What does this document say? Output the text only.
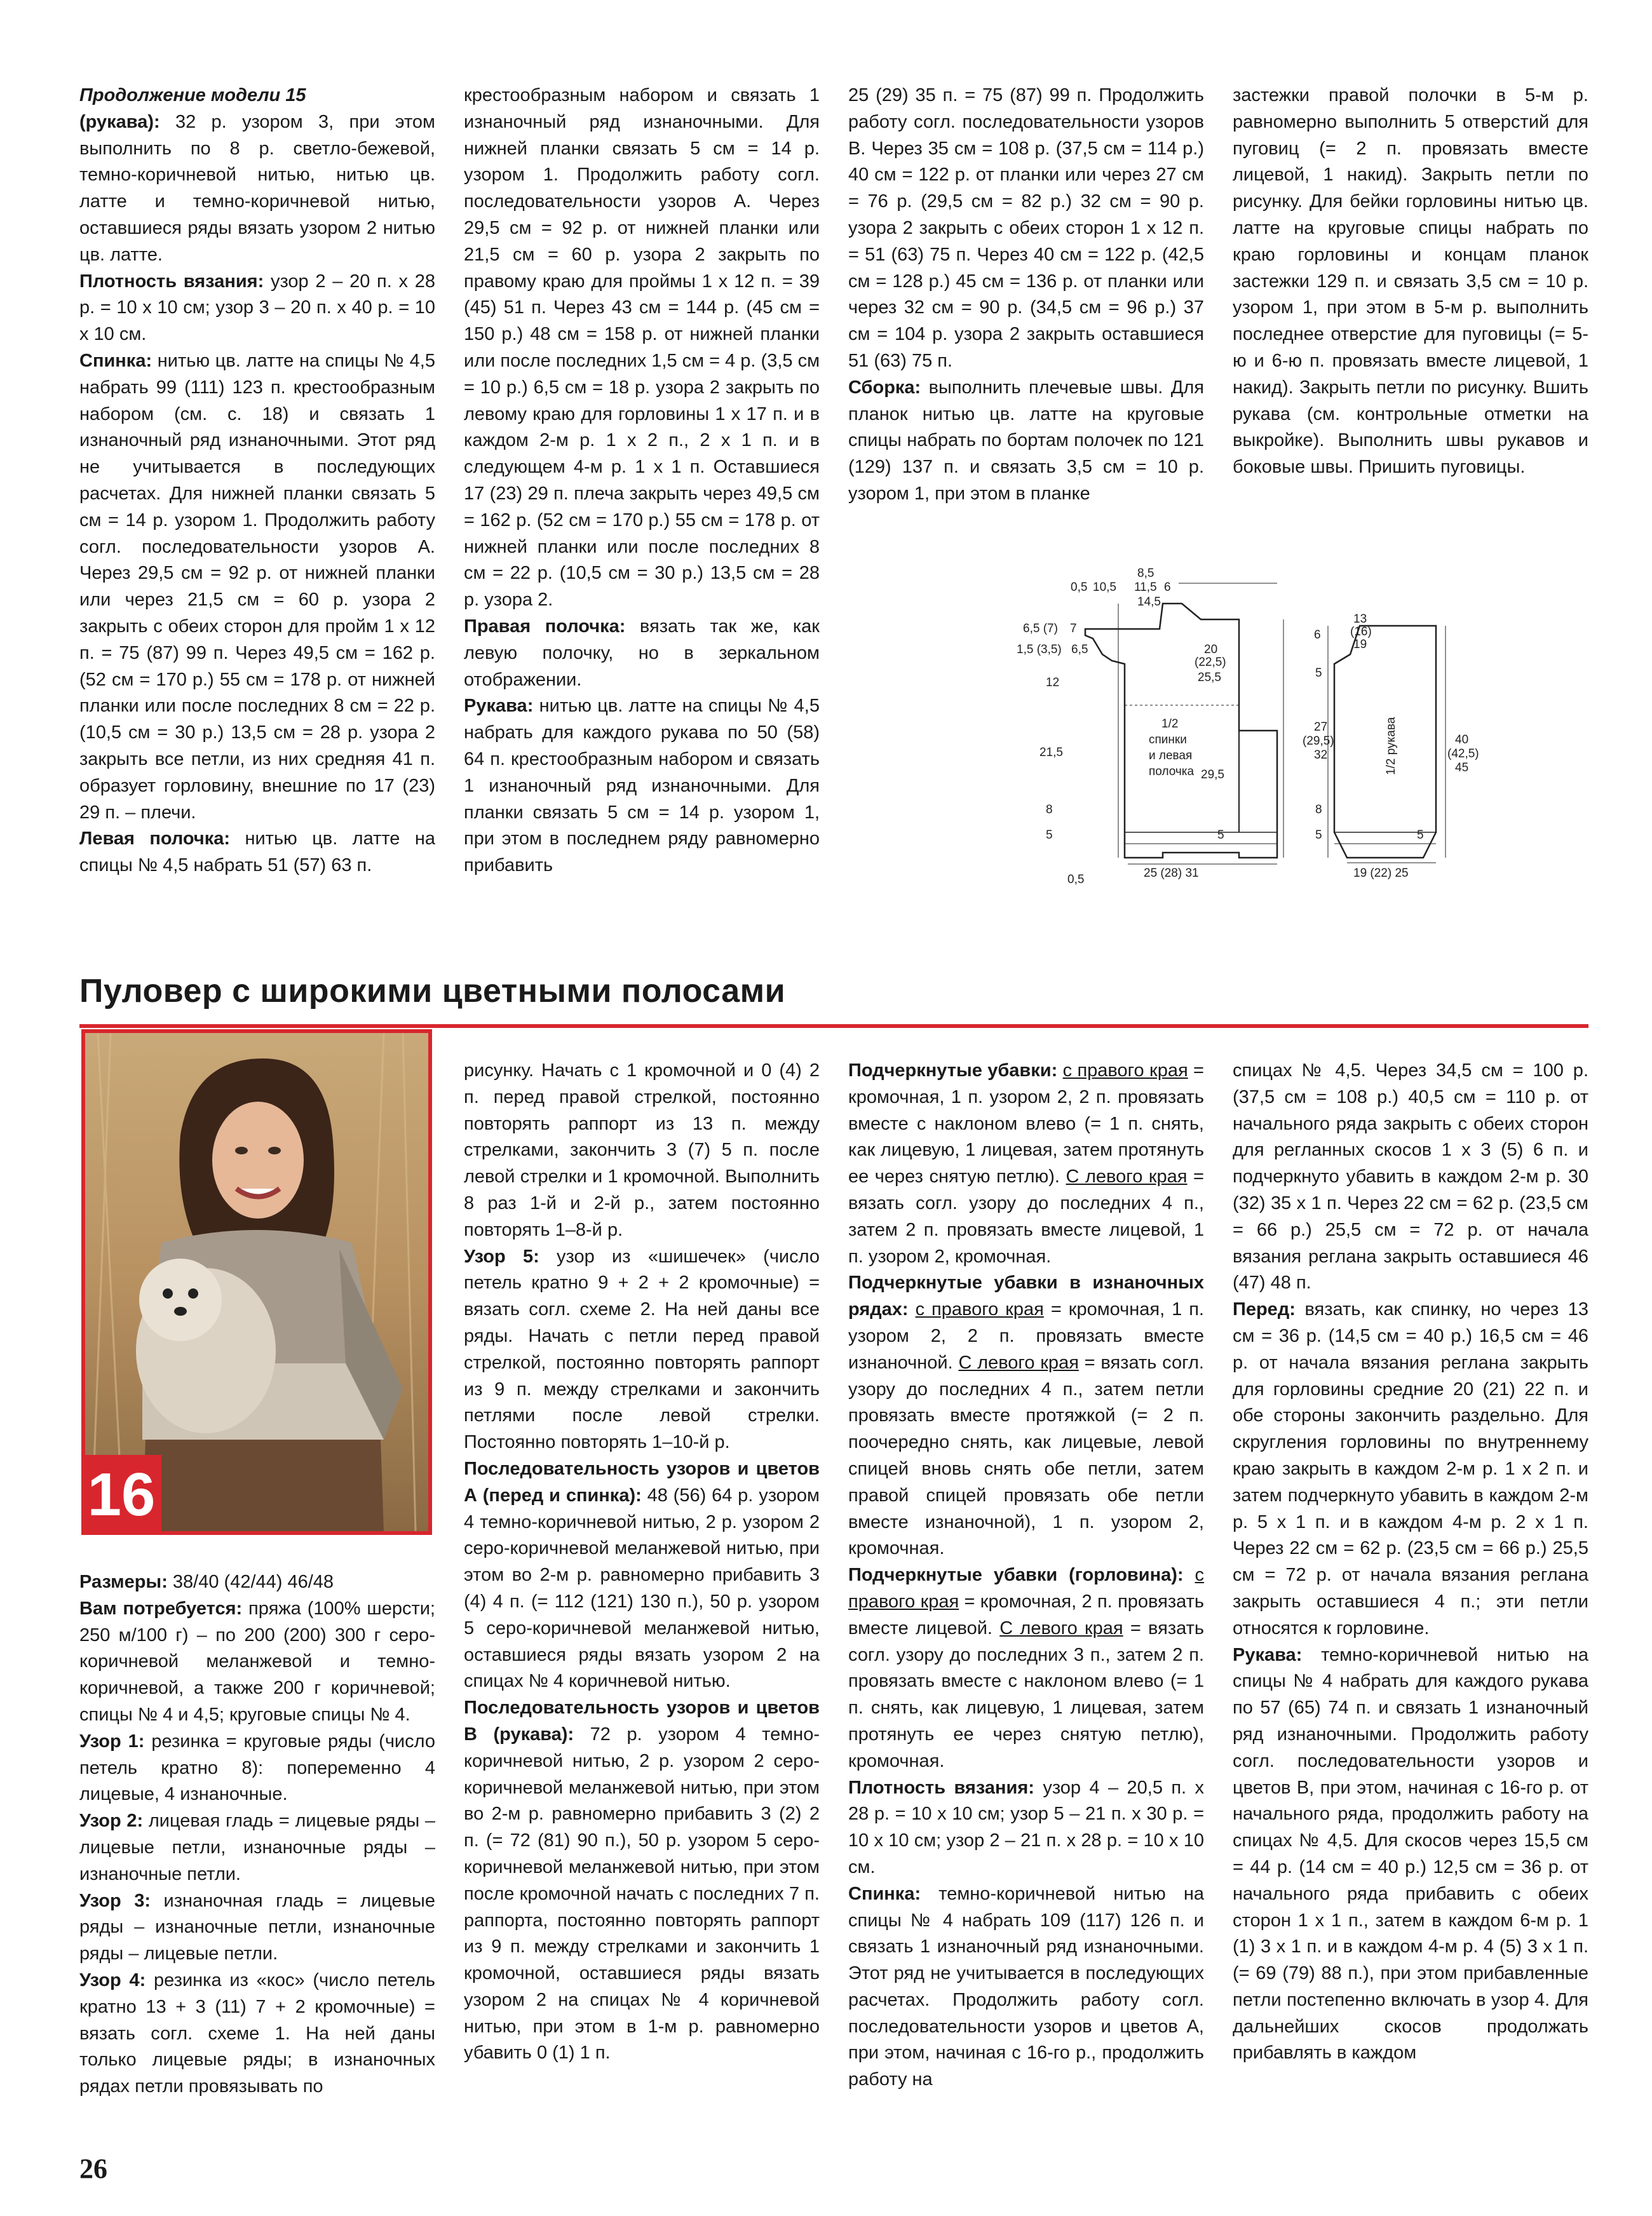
Продолжение модели 15

(рукава): 32 р. узором 3, при этом выполнить по 8 р. светло-бежевой, темно-коричневой нитью, нитью цв. латте и темно-коричневой нитью, оставшиеся ряды вязать узором 2 нитью цв. латте.

Плотность вязания: узор 2 – 20 п. х 28 р. = 10 х 10 см; узор 3 – 20 п. х 40 р. = 10 х 10 см.

Спинка: нитью цв. латте на спицы № 4,5 набрать 99 (111) 123 п. крестообразным набором (см. с. 18) и связать 1 изнаночный ряд изнаночными. Этот ряд не учитывается в последующих расчетах. Для нижней планки связать 5 см = 14 р. узором 1. Продолжить работу согл. последовательности узоров А. Через 29,5 см = 92 р. от нижней планки или через 21,5 см = 60 р. узора 2 закрыть с обеих сторон для пройм 1 х 12 п. = 75 (87) 99 п. Через 49,5 см = 162 р. (52 см = 170 р.) 55 см = 178 р. от нижней планки или после последних 8 см = 22 р. (10,5 см = 30 р.) 13,5 см = 28 р. узора 2 закрыть все петли, из них средняя 41 п. образует горловину, внешние по 17 (23) 29 п. – плечи.

Левая полочка: нитью цв. латте на спицы № 4,5 набрать 51 (57) 63 п.

крестообразным набором и связать 1 изнаночный ряд изнаночными. Для нижней планки связать 5 см = 14 р. узором 1. Продолжить работу согл. последовательности узоров А. Через 29,5 см = 92 р. от нижней планки или 21,5 см = 60 р. узора 2 закрыть по правому краю для проймы 1 х 12 п. = 39 (45) 51 п. Через 43 см = 144 р. (45 см = 150 р.) 48 см = 158 р. от нижней планки или после последних 1,5 см = 4 р. (3,5 см = 10 р.) 6,5 см = 18 р. узора 2 закрыть по левому краю для горловины 1 х 17 п. и в каждом 2-м р. 1 х 2 п., 2 х 1 п. и в следующем 4-м р. 1 х 1 п. Оставшиеся 17 (23) 29 п. плеча закрыть через 49,5 см = 162 р. (52 см = 170 р.) 55 см = 178 р. от нижней планки или после последних 8 см = 22 р. (10,5 см = 30 р.) 13,5 см = 28 р. узора 2.

Правая полочка: вязать так же, как левую полочку, но в зеркальном отображении.

Рукава: нитью цв. латте на спицы № 4,5 набрать для каждого рукава по 50 (58) 64 п. крестообразным набором и связать 1 изнаночный ряд изнаночными. Для планки связать 5 см = 14 р. узором 1, при этом в последнем ряду равномерно прибавить

25 (29) 35 п. = 75 (87) 99 п. Продолжить работу согл. последовательности узоров В. Через 35 см = 108 р. (37,5 см = 114 р.) 40 см = 122 р. от планки или через 27 см = 76 р. (29,5 см = 82 р.) 32 см = 90 р. узора 2 закрыть с обеих сторон 1 х 12 п. = 51 (63) 75 п. Через 40 см = 122 р. (42,5 см = 128 р.) 45 см = 136 р. от планки или через 32 см = 90 р. (34,5 см = 96 р.) 37 см = 104 р. узора 2 закрыть оставшиеся 51 (63) 75 п.

Сборка: выполнить плечевые швы. Для планок нитью цв. латте на круговые спицы набрать по бортам полочек по 121 (129) 137 п. и связать 3,5 см = 10 р. узором 1, при этом в планке

застежки правой полочки в 5-м р. равномерно выполнить 5 отверстий для пуговиц (= 2 п. провязать вместе лицевой, 1 накид). Закрыть петли по рисунку. Для бейки горловины нитью цв. латте на круговые спицы набрать по краю горловины и концам планок застежки 129 п. и связать 3,5 см = 10 р. узором 1, при этом в 5-м р. выполнить последнее отверстие для пуговицы (= 5-ю и 6-ю п. провязать вместе лицевой, 1 накид). Закрыть петли по рисунку. Вшить рукава (см. контрольные отметки на выкройке). Выполнить швы рукавов и боковые швы. Пришить пуговицы.

0,5 10,5
8,5
11,5 6
14,5
6,5 (7) 7
1,5 (3,5) 6,5
12
21,5
8
5
20
(22,5)
25,5
29,5
5
1/2
спинки
и левая
полочка
0,5	25 (28) 31
6
13
(16)
19
5
27
(29,5)
32
8
5
40
(42,5)
45
5
1/2 рукава
19 (22) 25
Пуловер с широкими цветными полосами
16

Размеры: 38/40 (42/44) 46/48

Вам потребуется: пряжа (100% шерсти; 250 м/100 г) – по 200 (200) 300 г серо-коричневой меланжевой и темно-коричневой, а также 200 г коричневой; спицы № 4 и 4,5; круговые спицы № 4.

Узор 1: резинка = круговые ряды (число петель кратно 8): попеременно 4 лицевые, 4 изнаночные.

Узор 2: лицевая гладь = лицевые ряды – лицевые петли, изнаночные ряды – изнаночные петли.

Узор 3: изнаночная гладь = лицевые ряды – изнаночные петли, изнаночные ряды – лицевые петли.

Узор 4: резинка из «кос» (число петель кратно 13 + 3 (11) 7 + 2 кромочные) = вязать согл. схеме 1. На ней даны только лицевые ряды; в изнаночных рядах петли провязывать по

рисунку. Начать с 1 кромочной и 0 (4) 2 п. перед правой стрелкой, постоянно повторять раппорт из 13 п. между стрелками, закончить 3 (7) 5 п. после левой стрелки и 1 кромочной. Выполнить 8 раз 1-й и 2-й р., затем постоянно повторять 1–8-й р.

Узор 5: узор из «шишечек» (число петель кратно 9 + 2 + 2 кромочные) = вязать согл. схеме 2. На ней даны все ряды. Начать с петли перед правой стрелкой, постоянно повторять раппорт из 9 п. между стрелками и закончить петлями после левой стрелки. Постоянно повторять 1–10-й р.

Последовательность узоров и цветов А (перед и спинка): 48 (56) 64 р. узором 4 темно-коричневой нитью, 2 р. узором 2 серо-коричневой меланжевой нитью, при этом во 2-м р. равномерно прибавить 3 (4) 4 п. (= 112 (121) 130 п.), 50 р. узором 5 серо-коричневой меланжевой нитью, оставшиеся ряды вязать узором 2 на спицах № 4 коричневой нитью.

Последовательность узоров и цветов В (рукава): 72 р. узором 4 темно-коричневой нитью, 2 р. узором 2 серо-коричневой меланжевой нитью, при этом во 2-м р. равномерно прибавить 3 (2) 2 п. (= 72 (81) 90 п.), 50 р. узором 5 серо-коричневой меланжевой нитью, при этом после кромочной начать с последних 7 п. раппорта, постоянно повторять раппорт из 9 п. между стрелками и закончить 1 кромочной, оставшиеся ряды вязать узором 2 на спицах № 4 коричневой нитью, при этом в 1-м р. равномерно убавить 0 (1) 1 п.

Подчеркнутые убавки: с правого края = кромочная, 1 п. узором 2, 2 п. провязать вместе с наклоном влево (= 1 п. снять, как лицевую, 1 лицевая, затем протянуть ее через снятую петлю). С левого края = вязать согл. узору до последних 4 п., затем 2 п. провязать вместе лицевой, 1 п. узором 2, кромочная.

Подчеркнутые убавки в изнаночных рядах: с правого края = кромочная, 1 п. узором 2, 2 п. провязать вместе изнаночной. С левого края = вязать согл. узору до последних 4 п., затем петли провязать вместе протяжкой (= 2 п. поочередно снять, как лицевые, левой спицей вновь снять обе петли, затем правой спицей провязать обе петли вместе изнаночной), 1 п. узором 2, кромочная.

Подчеркнутые убавки (горловина): с правого края = кромочная, 2 п. провязать вместе лицевой. С левого края = вязать согл. узору до последних 3 п., затем 2 п. провязать вместе с наклоном влево (= 1 п. снять, как лицевую, 1 лицевая, затем протянуть ее через снятую петлю), кромочная.

Плотность вязания: узор 4 – 20,5 п. х 28 р. = 10 х 10 см; узор 5 – 21 п. х 30 р. = 10 х 10 см; узор 2 – 21 п. х 28 р. = 10 х 10 см.

Спинка: темно-коричневой нитью на спицы № 4 набрать 109 (117) 126 п. и связать 1 изнаночный ряд изнаночными. Этот ряд не учитывается в последующих расчетах. Продолжить работу согл. последовательности узоров и цветов А, при этом, начиная с 16-го р., продолжить работу на

спицах № 4,5. Через 34,5 см = 100 р. (37,5 см = 108 р.) 40,5 см = 110 р. от начального ряда закрыть с обеих сторон для регланных скосов 1 х 3 (5) 6 п. и подчеркнуто убавить в каждом 2-м р. 30 (32) 35 х 1 п. Через 22 см = 62 р. (23,5 см = 66 р.) 25,5 см = 72 р. от начала вязания реглана закрыть оставшиеся 46 (47) 48 п.

Перед: вязать, как спинку, но через 13 см = 36 р. (14,5 см = 40 р.) 16,5 см = 46 р. от начала вязания реглана закрыть для горловины средние 20 (21) 22 п. и обе стороны закончить раздельно. Для скругления горловины по внутреннему краю закрыть в каждом 2-м р. 1 х 2 п. и затем подчеркнуто убавить в каждом 2-м р. 5 х 1 п. и в каждом 4-м р. 2 х 1 п. Через 22 см = 62 р. (23,5 см = 66 р.) 25,5 см = 72 р. от начала вязания реглана закрыть оставшиеся 4 п.; эти петли относятся к горловине.

Рукава: темно-коричневой нитью на спицы № 4 набрать для каждого рукава по 57 (65) 74 п. и связать 1 изнаночный ряд изнаночными. Продолжить работу согл. последовательности узоров и цветов В, при этом, начиная с 16-го р. от начального ряда, продолжить работу на спицах № 4,5. Для скосов через 15,5 см = 44 р. (14 см = 40 р.) 12,5 см = 36 р. от начального ряда прибавить с обеих сторон 1 х 1 п., затем в каждом 6-м р. 1 (1) 3 х 1 п. и в каждом 4-м р. 4 (5) 3 х 1 п. (= 69 (79) 88 п.), при этом прибавленные петли постепенно включать в узор 4. Для дальнейших скосов продолжать прибавлять в каждом

26
